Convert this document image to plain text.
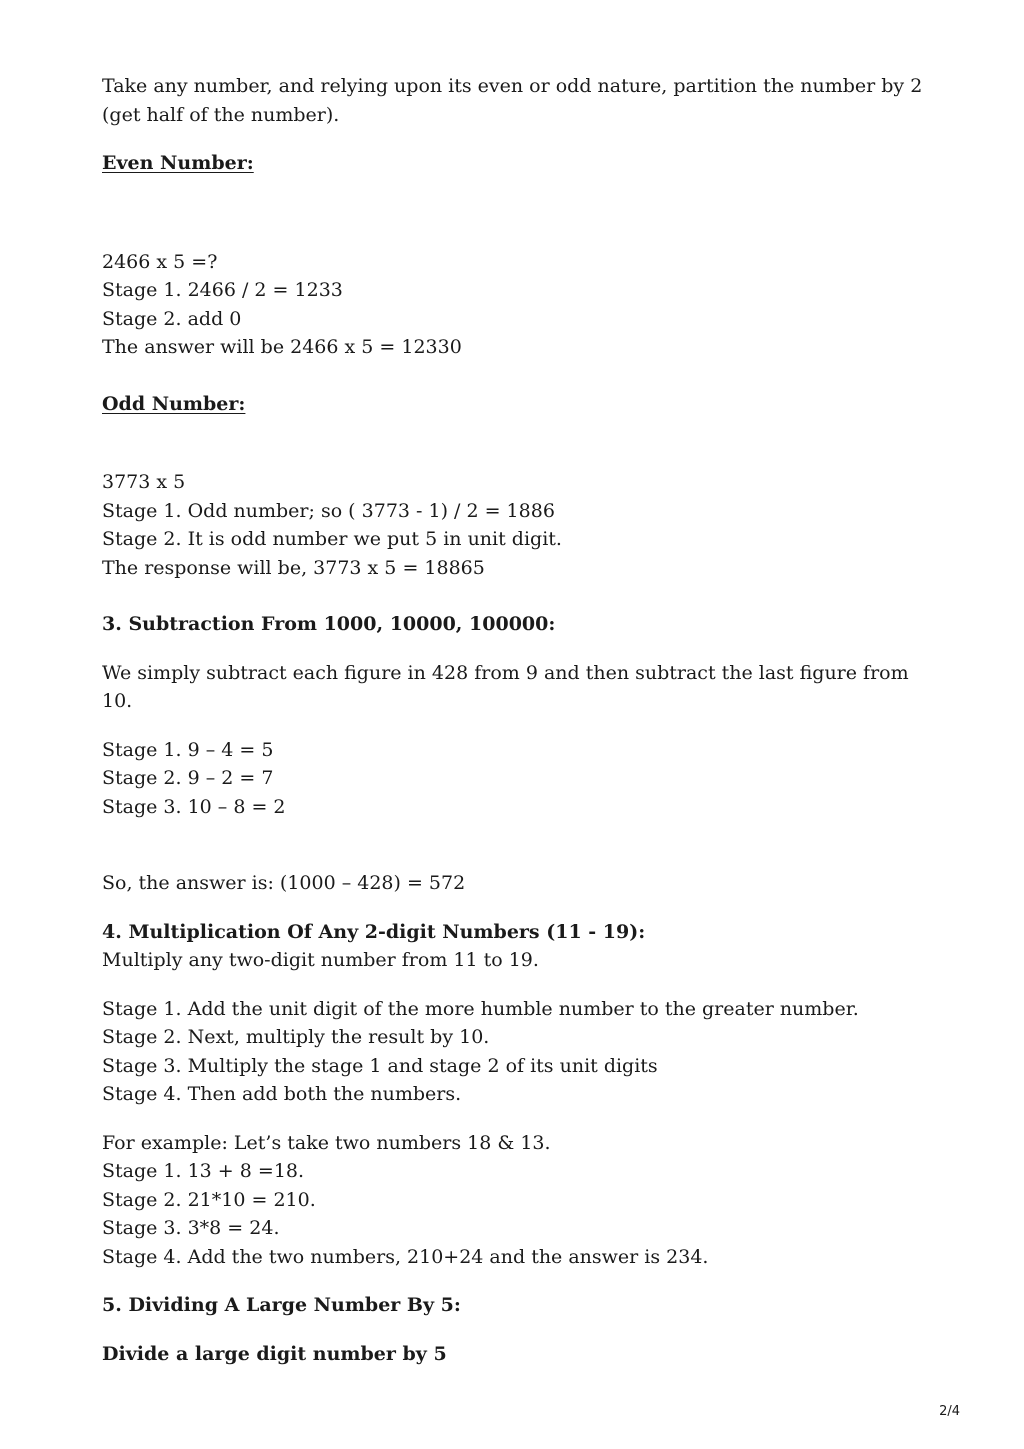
Take any number, and relying upon its even or odd nature, partition the number by 2 (get half of the number).

Even Number:

2466 x 5 =?
Stage 1. 2466 / 2 = 1233
Stage 2. add 0
The answer will be 2466 x 5 = 12330

Odd Number:

3773 x 5
Stage 1. Odd number; so ( 3773 - 1) / 2 = 1886
Stage 2. It is odd number we put 5 in unit digit.
The response will be, 3773 x 5 = 18865

3. Subtraction From 1000, 10000, 100000:

We simply subtract each figure in 428 from 9 and then subtract the last figure from 10.

Stage 1. 9 – 4 = 5
Stage 2. 9 – 2 = 7
Stage 3. 10 – 8 = 2

So, the answer is: (1000 – 428) = 572

4. Multiplication Of Any 2-digit Numbers (11 - 19):

Multiply any two-digit number from 11 to 19.

Stage 1. Add the unit digit of the more humble number to the greater number.
Stage 2. Next, multiply the result by 10.
Stage 3. Multiply the stage 1 and stage 2 of its unit digits
Stage 4. Then add both the numbers.
For example: Let’s take two numbers 18 & 13.
Stage 1. 13 + 8 =18.
Stage 2. 21*10 = 210.
Stage 3. 3*8 = 24.
Stage 4. Add the two numbers, 210+24 and the answer is 234.

5. Dividing A Large Number By 5:

Divide a large digit number by 5

2/4
